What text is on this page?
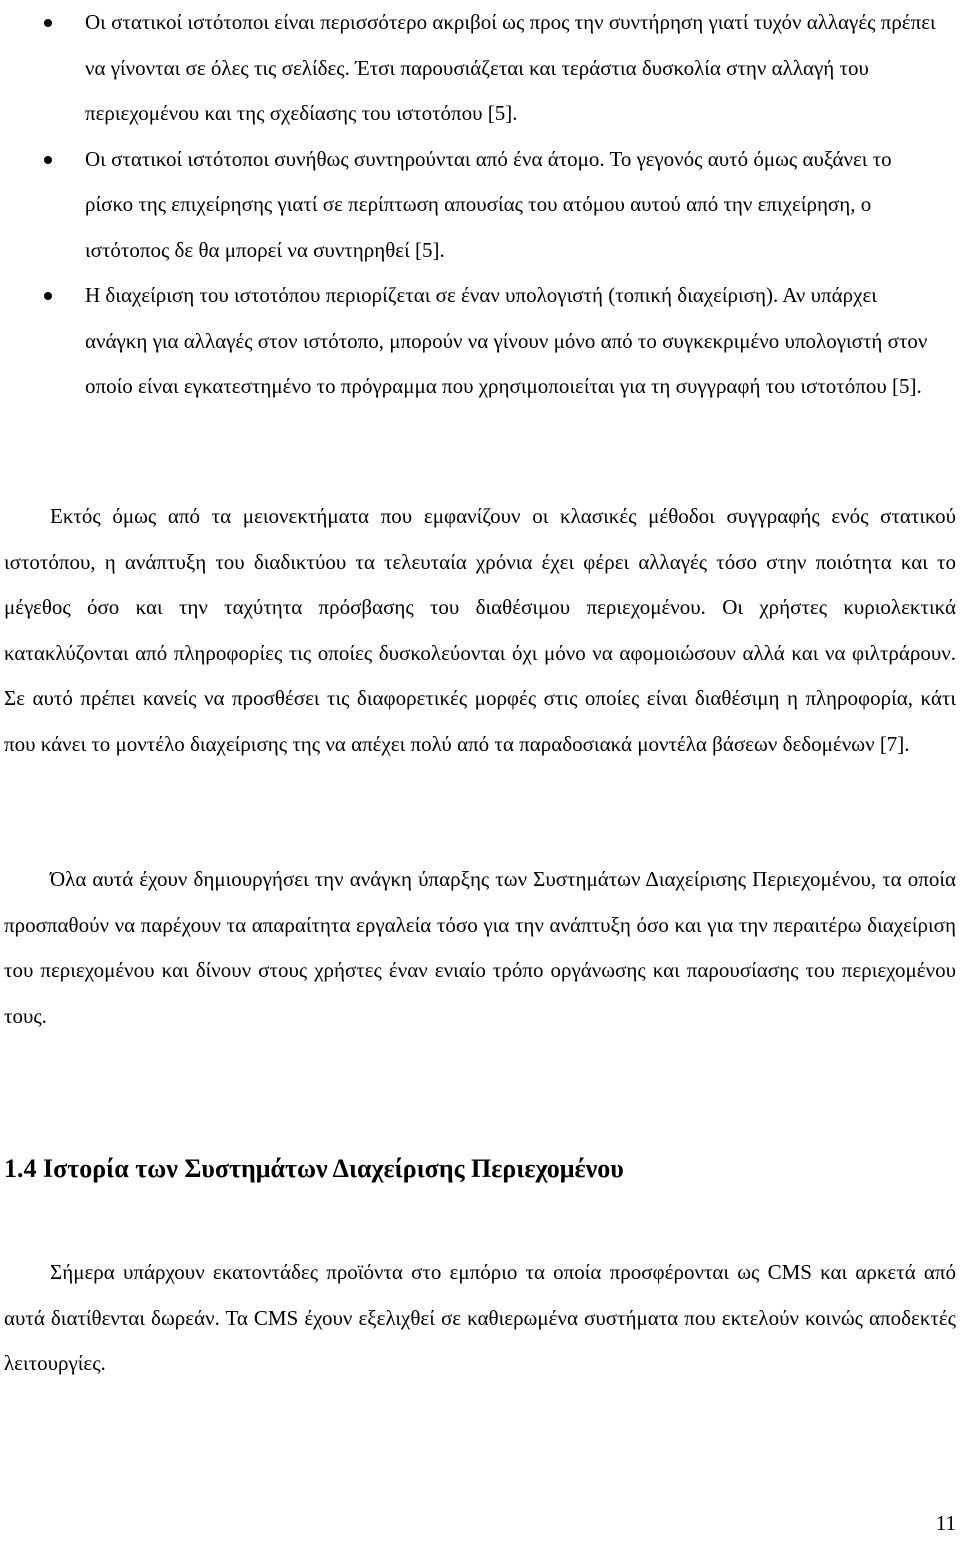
Οι στατικοί ιστότοποι είναι περισσότερο ακριβοί ως προς την συντήρηση γιατί τυχόν αλλαγές πρέπει να γίνονται σε όλες τις σελίδες. Έτσι παρουσιάζεται και τεράστια δυσκολία στην αλλαγή του περιεχομένου και της σχεδίασης του ιστοτόπου [5].
Οι στατικοί ιστότοποι συνήθως συντηρούνται από ένα άτομο. Το γεγονός αυτό όμως αυξάνει το ρίσκο της επιχείρησης γιατί σε περίπτωση απουσίας του ατόμου αυτού από την επιχείρηση, ο ιστότοπος δε θα μπορεί να συντηρηθεί [5].
Η διαχείριση του ιστοτόπου περιορίζεται σε έναν υπολογιστή (τοπική διαχείριση). Αν υπάρχει ανάγκη για αλλαγές στον ιστότοπο, μπορούν να γίνουν μόνο από το συγκεκριμένο υπολογιστή στον οποίο είναι εγκατεστημένο το πρόγραμμα που χρησιμοποιείται για τη συγγραφή του ιστοτόπου [5].

Εκτός όμως από τα μειονεκτήματα που εμφανίζουν οι κλασικές μέθοδοι συγγραφής ενός στατικού ιστοτόπου, η ανάπτυξη του διαδικτύου τα τελευταία χρόνια έχει φέρει αλλαγές τόσο στην ποιότητα και το μέγεθος όσο και την ταχύτητα πρόσβασης του διαθέσιμου περιεχομένου. Οι χρήστες κυριολεκτικά κατακλύζονται από πληροφορίες τις οποίες δυσκολεύονται όχι μόνο να αφομοιώσουν αλλά και να φιλτράρουν. Σε αυτό πρέπει κανείς να προσθέσει τις διαφορετικές μορφές στις οποίες είναι διαθέσιμη η πληροφορία, κάτι που κάνει το μοντέλο διαχείρισης της να απέχει πολύ από τα παραδοσιακά μοντέλα βάσεων δεδομένων [7].

Όλα αυτά έχουν δημιουργήσει την ανάγκη ύπαρξης των Συστημάτων Διαχείρισης Περιεχομένου, τα οποία προσπαθούν να παρέχουν τα απαραίτητα εργαλεία τόσο για την ανάπτυξη όσο και για την περαιτέρω διαχείριση του περιεχομένου και δίνουν στους χρήστες έναν ενιαίο τρόπο οργάνωσης και παρουσίασης του περιεχομένου τους.

1.4 Ιστορία των Συστημάτων Διαχείρισης Περιεχομένου

Σήμερα υπάρχουν εκατοντάδες προϊόντα στο εμπόριο τα οποία προσφέρονται ως CMS και αρκετά από αυτά διατίθενται δωρεάν. Τα CMS έχουν εξελιχθεί σε καθιερωμένα συστήματα που εκτελούν κοινώς αποδεκτές λειτουργίες.

11
